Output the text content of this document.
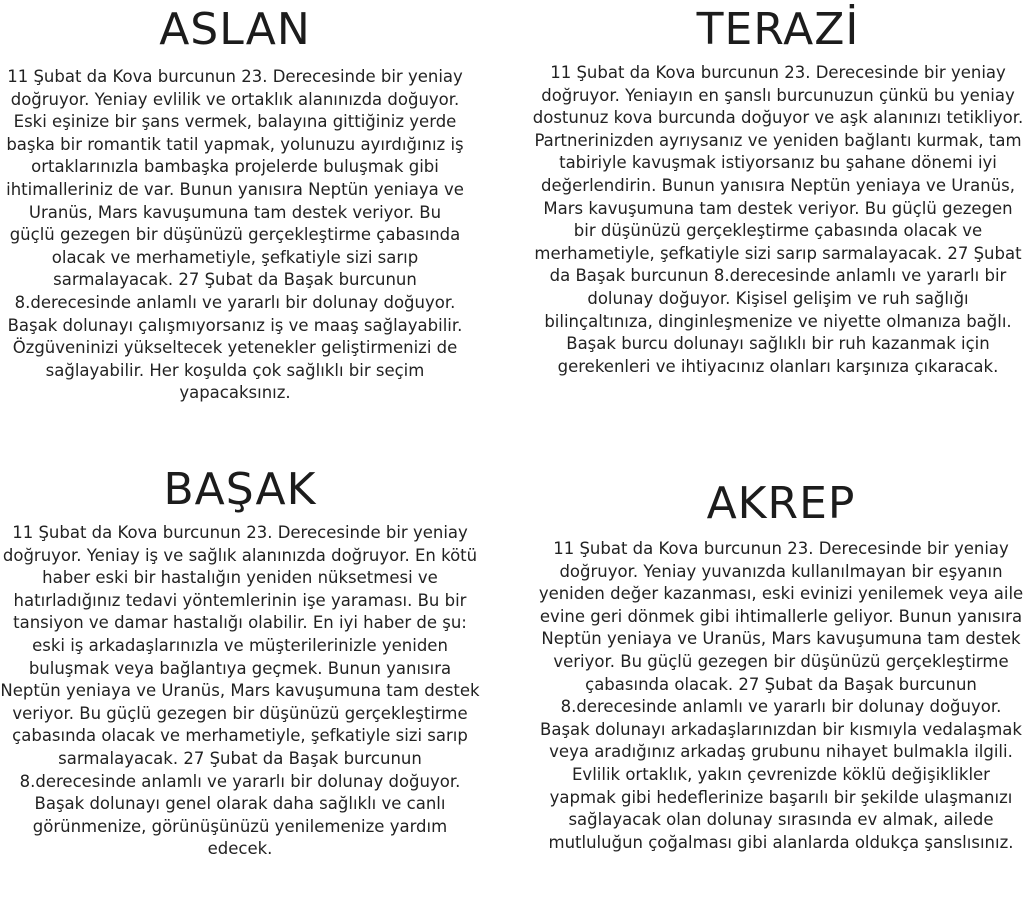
ASLAN

11 Şubat da Kova burcunun 23. Derecesinde bir yeniay doğruyor. Yeniay evlilik ve ortaklık alanınızda doğuyor. Eski eşinize bir şans vermek, balayına gittiğiniz yerde başka bir romantik tatil yapmak, yolunuzu ayırdığınız iş ortaklarınızla bambaşka projelerde buluşmak gibi ihtimalleriniz de var. Bunun yanısıra Neptün yeniaya ve Uranüs, Mars kavuşumuna tam destek veriyor. Bu güçlü gezegen bir düşünüzü gerçekleştirme çabasında olacak ve merhametiyle, şefkatiyle sizi sarıp sarmalayacak. 27 Şubat da Başak burcunun 8.derecesinde anlamlı ve yararlı bir dolunay doğuyor. Başak dolunayı çalışmıyorsanız iş ve maaş sağlayabilir. Özgüveninizi yükseltecek yetenekler geliştirmenizi de sağlayabilir. Her koşulda çok sağlıklı bir seçim yapacaksınız.

TERAZİ

11 Şubat da Kova burcunun 23. Derecesinde bir yeniay doğruyor. Yeniayın en şanslı burcunuzun çünkü bu yeniay dostunuz kova burcunda doğuyor ve aşk alanınızı tetikliyor. Partnerinizden ayrıysanız ve yeniden bağlantı kurmak, tam tabiriyle kavuşmak istiyorsanız bu şahane dönemi iyi değerlendirin. Bunun yanısıra Neptün yeniaya ve Uranüs, Mars kavuşumuna tam destek veriyor. Bu güçlü gezegen bir düşünüzü gerçekleştirme çabasında olacak ve merhametiyle, şefkatiyle sizi sarıp sarmalayacak. 27 Şubat da Başak burcunun 8.derecesinde anlamlı ve yararlı bir dolunay doğuyor. Kişisel gelişim ve ruh sağlığı bilinçaltınıza, dinginleşmenize ve niyette olmanıza bağlı. Başak burcu dolunayı sağlıklı bir ruh kazanmak için gerekenleri ve ihtiyacınız olanları karşınıza çıkaracak.

BAŞAK

11 Şubat da Kova burcunun 23. Derecesinde bir yeniay doğruyor. Yeniay iş ve sağlık alanınızda doğruyor. En kötü haber eski bir hastalığın yeniden nüksetmesi ve hatırladığınız tedavi yöntemlerinin işe yaraması. Bu bir tansiyon ve damar hastalığı olabilir. En iyi haber de şu: eski iş arkadaşlarınızla ve müşterilerinizle yeniden buluşmak veya bağlantıya geçmek. Bunun yanısıra Neptün yeniaya ve Uranüs, Mars kavuşumuna tam destek veriyor. Bu güçlü gezegen bir düşünüzü gerçekleştirme çabasında olacak ve merhametiyle, şefkatiyle sizi sarıp sarmalayacak. 27 Şubat da Başak burcunun 8.derecesinde anlamlı ve yararlı bir dolunay doğuyor. Başak dolunayı genel olarak daha sağlıklı ve canlı görünmenize, görünüşünüzü yenilemenize yardım edecek.

AKREP

11 Şubat da Kova burcunun 23. Derecesinde bir yeniay doğruyor. Yeniay yuvanızda kullanılmayan bir eşyanın yeniden değer kazanması, eski evinizi yenilemek veya aile evine geri dönmek gibi ihtimallerle geliyor. Bunun yanısıra Neptün yeniaya ve Uranüs, Mars kavuşumuna tam destek veriyor. Bu güçlü gezegen bir düşünüzü gerçekleştirme çabasında olacak. 27 Şubat da Başak burcunun 8.derecesinde anlamlı ve yararlı bir dolunay doğuyor. Başak dolunayı arkadaşlarınızdan bir kısmıyla vedalaşmak veya aradığınız arkadaş grubunu nihayet bulmakla ilgili. Evlilik ortaklık, yakın çevrenizde köklü değişiklikler yapmak gibi hedeflerinize başarılı bir şekilde ulaşmanızı sağlayacak olan dolunay sırasında ev almak, ailede mutluluğun çoğalması gibi alanlarda oldukça şanslısınız.
